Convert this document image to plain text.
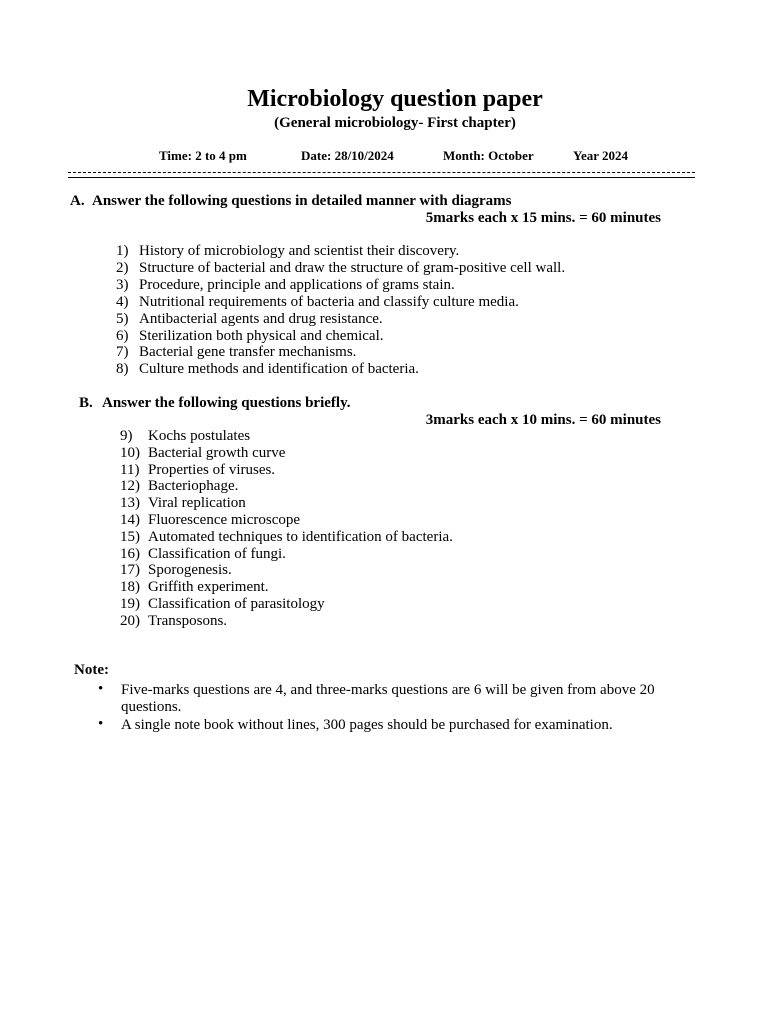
Microbiology question paper
(General microbiology- First chapter)
Time: 2 to 4 pm	Date: 28/10/2024	Month: October	Year 2024
A. Answer the following questions in detailed manner with diagrams
5marks each x 15 mins. = 60 minutes
1) History of microbiology and scientist their discovery.
2) Structure of bacterial and draw the structure of gram-positive cell wall.
3) Procedure, principle and applications of grams stain.
4) Nutritional requirements of bacteria and classify culture media.
5) Antibacterial agents and drug resistance.
6) Sterilization both physical and chemical.
7) Bacterial gene transfer mechanisms.
8) Culture methods and identification of bacteria.
B. Answer the following questions briefly.
3marks each x 10 mins. = 60 minutes
9) Kochs postulates
10) Bacterial growth curve
11) Properties of viruses.
12) Bacteriophage.
13) Viral replication
14) Fluorescence microscope
15) Automated techniques to identification of bacteria.
16) Classification of fungi.
17) Sporogenesis.
18) Griffith experiment.
19) Classification of parasitology
20) Transposons.
Note:
• Five-marks questions are 4, and three-marks questions are 6 will be given from above 20 questions.
• A single note book without lines, 300 pages should be purchased for examination.
